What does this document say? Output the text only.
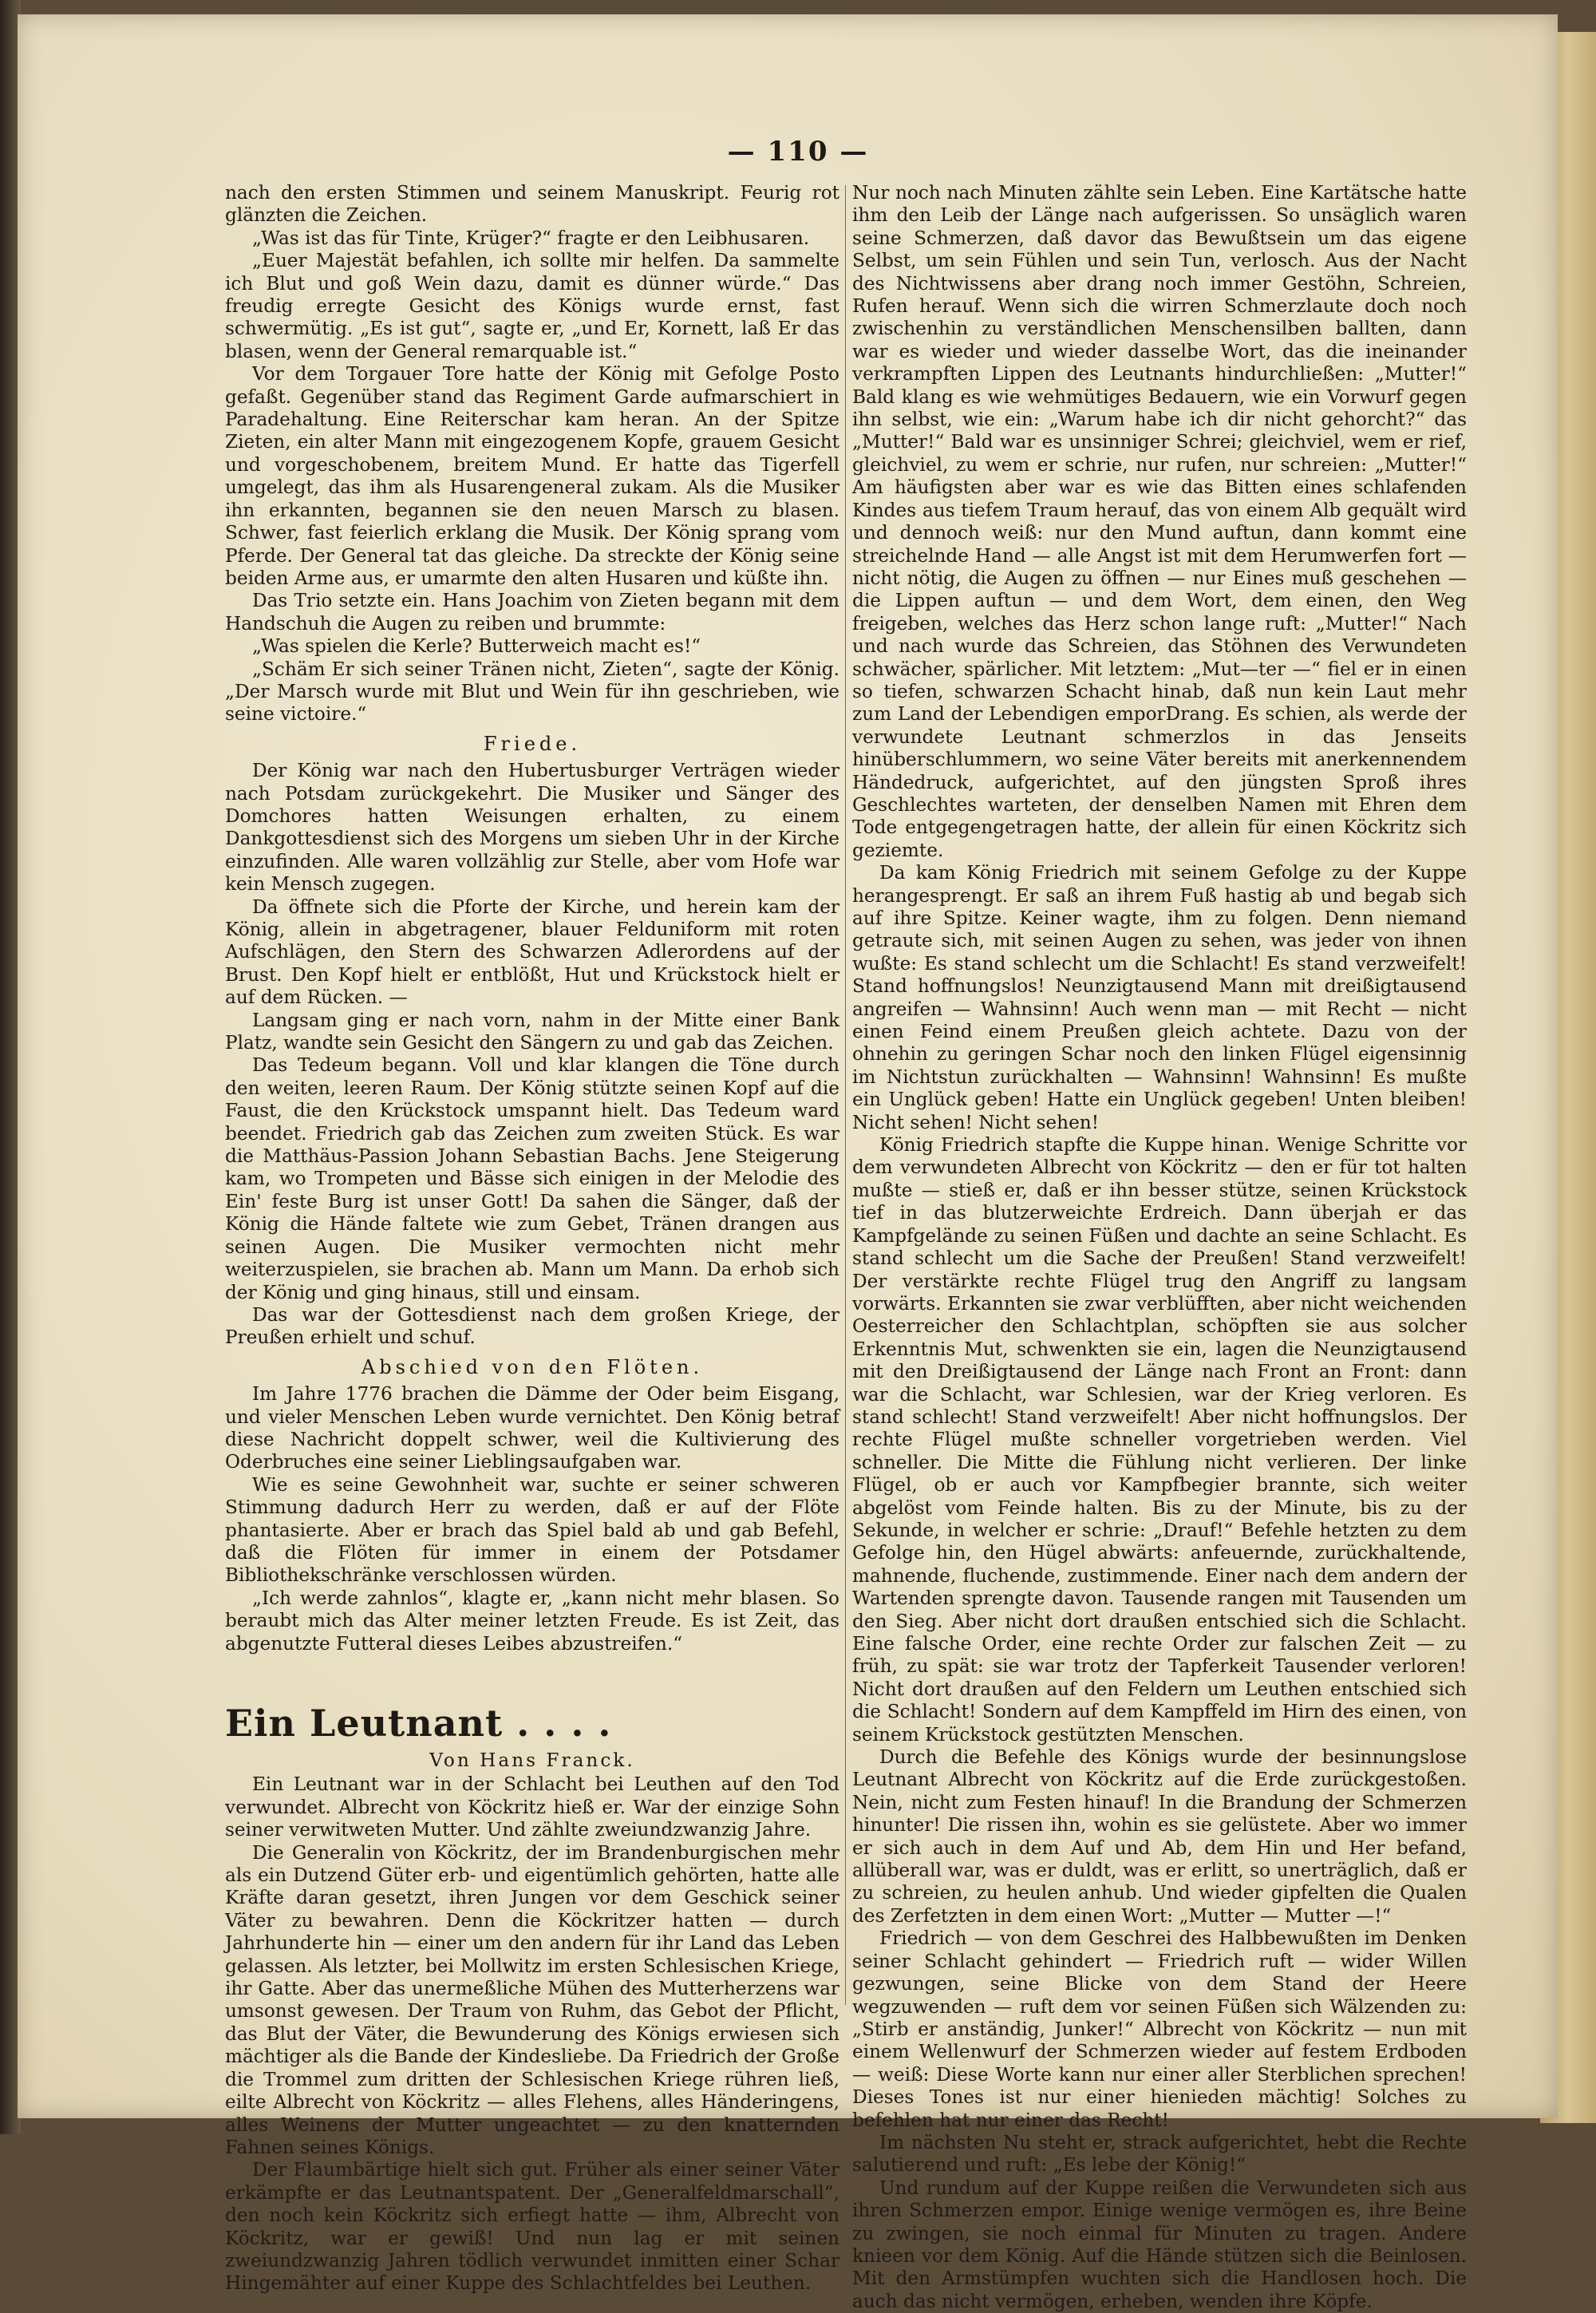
— 110 —

nach den ersten Stimmen und seinem Manuskript. Feurig rot glänzten die Zeichen.

„Was ist das für Tinte, Krüger?“ fragte er den Leibhusaren.

„Euer Majestät befahlen, ich sollte mir helfen. Da sammelte ich Blut und goß Wein dazu, damit es dünner würde.“ Das freudig erregte Gesicht des Königs wurde ernst, fast schwermütig. „Es ist gut“, sagte er, „und Er, Kornett, laß Er das blasen, wenn der General remarquable ist.“

Vor dem Torgauer Tore hatte der König mit Gefolge Posto gefaßt. Gegenüber stand das Regiment Garde aufmarschiert in Paradehaltung. Eine Reiterschar kam heran. An der Spitze Zieten, ein alter Mann mit eingezogenem Kopfe, grauem Gesicht und vorgeschobenem, breitem Mund. Er hatte das Tigerfell umgelegt, das ihm als Husarengeneral zukam. Als die Musiker ihn erkannten, begannen sie den neuen Marsch zu blasen. Schwer, fast feierlich erklang die Musik. Der König sprang vom Pferde. Der General tat das gleiche. Da streckte der König seine beiden Arme aus, er umarmte den alten Husaren und küßte ihn.

Das Trio setzte ein. Hans Joachim von Zieten begann mit dem Handschuh die Augen zu reiben und brummte:

„Was spielen die Kerle? Butterweich macht es!“

„Schäm Er sich seiner Tränen nicht, Zieten“, sagte der König. „Der Marsch wurde mit Blut und Wein für ihn geschrieben, wie seine victoire.“

Friede.

Der König war nach den Hubertusburger Verträgen wieder nach Potsdam zurückgekehrt. Die Musiker und Sänger des Domchores hatten Weisungen erhalten, zu einem Dankgottesdienst sich des Morgens um sieben Uhr in der Kirche einzufinden. Alle waren vollzählig zur Stelle, aber vom Hofe war kein Mensch zugegen.

Da öffnete sich die Pforte der Kirche, und herein kam der König, allein in abgetragener, blauer Felduniform mit roten Aufschlägen, den Stern des Schwarzen Adlerordens auf der Brust. Den Kopf hielt er entblößt, Hut und Krückstock hielt er auf dem Rücken. —

Langsam ging er nach vorn, nahm in der Mitte einer Bank Platz, wandte sein Gesicht den Sängern zu und gab das Zeichen.

Das Tedeum begann. Voll und klar klangen die Töne durch den weiten, leeren Raum. Der König stützte seinen Kopf auf die Faust, die den Krückstock umspannt hielt. Das Tedeum ward beendet. Friedrich gab das Zeichen zum zweiten Stück. Es war die Matthäus-Passion Johann Sebastian Bachs. Jene Steigerung kam, wo Trompeten und Bässe sich einigen in der Melodie des Ein' feste Burg ist unser Gott! Da sahen die Sänger, daß der König die Hände faltete wie zum Gebet, Tränen drangen aus seinen Augen. Die Musiker vermochten nicht mehr weiterzuspielen, sie brachen ab. Mann um Mann. Da erhob sich der König und ging hinaus, still und einsam.

Das war der Gottesdienst nach dem großen Kriege, der Preußen erhielt und schuf.

Abschied von den Flöten.

Im Jahre 1776 brachen die Dämme der Oder beim Eisgang, und vieler Menschen Leben wurde vernichtet. Den König betraf diese Nachricht doppelt schwer, weil die Kultivierung des Oderbruches eine seiner Lieblingsaufgaben war.

Wie es seine Gewohnheit war, suchte er seiner schweren Stimmung dadurch Herr zu werden, daß er auf der Flöte phantasierte. Aber er brach das Spiel bald ab und gab Befehl, daß die Flöten für immer in einem der Potsdamer Bibliothekschränke verschlossen würden.

„Ich werde zahnlos“, klagte er, „kann nicht mehr blasen. So beraubt mich das Alter meiner letzten Freude. Es ist Zeit, das abgenutzte Futteral dieses Leibes abzustreifen.“

Ein Leutnant . . . .

Von Hans Franck.

Ein Leutnant war in der Schlacht bei Leuthen auf den Tod verwundet. Albrecht von Köckritz hieß er. War der einzige Sohn seiner verwitweten Mutter. Und zählte zweiundzwanzig Jahre.

Die Generalin von Köckritz, der im Brandenburgischen mehr als ein Dutzend Güter erb- und eigentümlich gehörten, hatte alle Kräfte daran gesetzt, ihren Jungen vor dem Geschick seiner Väter zu bewahren. Denn die Köckritzer hatten — durch Jahrhunderte hin — einer um den andern für ihr Land das Leben gelassen. Als letzter, bei Mollwitz im ersten Schlesischen Kriege, ihr Gatte. Aber das unermeßliche Mühen des Mutterherzens war umsonst gewesen. Der Traum von Ruhm, das Gebot der Pflicht, das Blut der Väter, die Bewunderung des Königs erwiesen sich mächtiger als die Bande der Kindesliebe. Da Friedrich der Große die Trommel zum dritten der Schlesischen Kriege rühren ließ, eilte Albrecht von Köckritz — alles Flehens, alles Händeringens, alles Weinens der Mutter ungeachtet — zu den knatternden Fahnen seines Königs.

Der Flaumbärtige hielt sich gut. Früher als einer seiner Väter erkämpfte er das Leutnantspatent. Der „Generalfeldmarschall“, den noch kein Köckritz sich erfiegt hatte — ihm, Albrecht von Köckritz, war er gewiß! Und nun lag er mit seinen zweiundzwanzig Jahren tödlich verwundet inmitten einer Schar Hingemähter auf einer Kuppe des Schlachtfeldes bei Leuthen.

Nur noch nach Minuten zählte sein Leben. Eine Kartätsche hatte ihm den Leib der Länge nach aufgerissen. So unsäglich waren seine Schmerzen, daß davor das Bewußtsein um das eigene Selbst, um sein Fühlen und sein Tun, verlosch. Aus der Nacht des Nichtwissens aber drang noch immer Gestöhn, Schreien, Rufen herauf. Wenn sich die wirren Schmerzlaute doch noch zwischenhin zu verständlichen Menschensilben ballten, dann war es wieder und wieder dasselbe Wort, das die ineinander verkrampften Lippen des Leutnants hindurchließen: „Mutter!“ Bald klang es wie wehmütiges Bedauern, wie ein Vorwurf gegen ihn selbst, wie ein: „Warum habe ich dir nicht gehorcht?“ das „Mutter!“ Bald war es unsinniger Schrei; gleichviel, wem er rief, gleichviel, zu wem er schrie, nur rufen, nur schreien: „Mutter!“ Am häufigsten aber war es wie das Bitten eines schlafenden Kindes aus tiefem Traum herauf, das von einem Alb gequält wird und dennoch weiß: nur den Mund auftun, dann kommt eine streichelnde Hand — alle Angst ist mit dem Herumwerfen fort — nicht nötig, die Augen zu öffnen — nur Eines muß geschehen — die Lippen auftun — und dem Wort, dem einen, den Weg freigeben, welches das Herz schon lange ruft: „Mutter!“ Nach und nach wurde das Schreien, das Stöhnen des Verwundeten schwächer, spärlicher. Mit letztem: „Mut—ter —“ fiel er in einen so tiefen, schwarzen Schacht hinab, daß nun kein Laut mehr zum Land der Lebendigen emporDrang. Es schien, als werde der verwundete Leutnant schmerzlos in das Jenseits hinüberschlummern, wo seine Väter bereits mit anerkennendem Händedruck, aufgerichtet, auf den jüngsten Sproß ihres Geschlechtes warteten, der denselben Namen mit Ehren dem Tode entgegengetragen hatte, der allein für einen Köckritz sich geziemte.

Da kam König Friedrich mit seinem Gefolge zu der Kuppe herangesprengt. Er saß an ihrem Fuß hastig ab und begab sich auf ihre Spitze. Keiner wagte, ihm zu folgen. Denn niemand getraute sich, mit seinen Augen zu sehen, was jeder von ihnen wußte: Es stand schlecht um die Schlacht! Es stand verzweifelt! Stand hoffnungslos! Neunzigtausend Mann mit dreißigtausend angreifen — Wahnsinn! Auch wenn man — mit Recht — nicht einen Feind einem Preußen gleich achtete. Dazu von der ohnehin zu geringen Schar noch den linken Flügel eigensinnig im Nichtstun zurückhalten — Wahnsinn! Wahnsinn! Es mußte ein Unglück geben! Hatte ein Unglück gegeben! Unten bleiben! Nicht sehen! Nicht sehen!

König Friedrich stapfte die Kuppe hinan. Wenige Schritte vor dem verwundeten Albrecht von Köckritz — den er für tot halten mußte — stieß er, daß er ihn besser stütze, seinen Krückstock tief in das blutzerweichte Erdreich. Dann überjah er das Kampfgelände zu seinen Füßen und dachte an seine Schlacht. Es stand schlecht um die Sache der Preußen! Stand verzweifelt! Der verstärkte rechte Flügel trug den Angriff zu langsam vorwärts. Erkannten sie zwar verblüfften, aber nicht weichenden Oesterreicher den Schlachtplan, schöpften sie aus solcher Erkenntnis Mut, schwenkten sie ein, lagen die Neunzigtausend mit den Dreißigtausend der Länge nach Front an Front: dann war die Schlacht, war Schlesien, war der Krieg verloren. Es stand schlecht! Stand verzweifelt! Aber nicht hoffnungslos. Der rechte Flügel mußte schneller vorgetrieben werden. Viel schneller. Die Mitte die Fühlung nicht verlieren. Der linke Flügel, ob er auch vor Kampfbegier brannte, sich weiter abgelöst vom Feinde halten. Bis zu der Minute, bis zu der Sekunde, in welcher er schrie: „Drauf!“ Befehle hetzten zu dem Gefolge hin, den Hügel abwärts: anfeuernde, zurückhaltende, mahnende, fluchende, zustimmende. Einer nach dem andern der Wartenden sprengte davon. Tausende rangen mit Tausenden um den Sieg. Aber nicht dort draußen entschied sich die Schlacht. Eine falsche Order, eine rechte Order zur falschen Zeit — zu früh, zu spät: sie war trotz der Tapferkeit Tausender verloren! Nicht dort draußen auf den Feldern um Leuthen entschied sich die Schlacht! Sondern auf dem Kampffeld im Hirn des einen, von seinem Krückstock gestützten Menschen.

Durch die Befehle des Königs wurde der besinnungslose Leutnant Albrecht von Köckritz auf die Erde zurückgestoßen. Nein, nicht zum Festen hinauf! In die Brandung der Schmerzen hinunter! Die rissen ihn, wohin es sie gelüstete. Aber wo immer er sich auch in dem Auf und Ab, dem Hin und Her befand, allüberall war, was er duldt, was er erlitt, so unerträglich, daß er zu schreien, zu heulen anhub. Und wieder gipfelten die Qualen des Zerfetzten in dem einen Wort: „Mutter — Mutter —!“

Friedrich — von dem Geschrei des Halbbewußten im Denken seiner Schlacht gehindert — Friedrich ruft — wider Willen gezwungen, seine Blicke von dem Stand der Heere wegzuwenden — ruft dem vor seinen Füßen sich Wälzenden zu: „Stirb er anständig, Junker!“ Albrecht von Köckritz — nun mit einem Wellenwurf der Schmerzen wieder auf festem Erdboden — weiß: Diese Worte kann nur einer aller Sterblichen sprechen! Dieses Tones ist nur einer hienieden mächtig! Solches zu befehlen hat nur einer das Recht!

Im nächsten Nu steht er, strack aufgerichtet, hebt die Rechte salutierend und ruft: „Es lebe der König!“

Und rundum auf der Kuppe reißen die Verwundeten sich aus ihren Schmerzen empor. Einige wenige vermögen es, ihre Beine zu zwingen, sie noch einmal für Minuten zu tragen. Andere knieen vor dem König. Auf die Hände stützen sich die Beinlosen. Mit den Armstümpfen wuchten sich die Handlosen hoch. Die auch das nicht vermögen, erheben, wenden ihre Köpfe.
